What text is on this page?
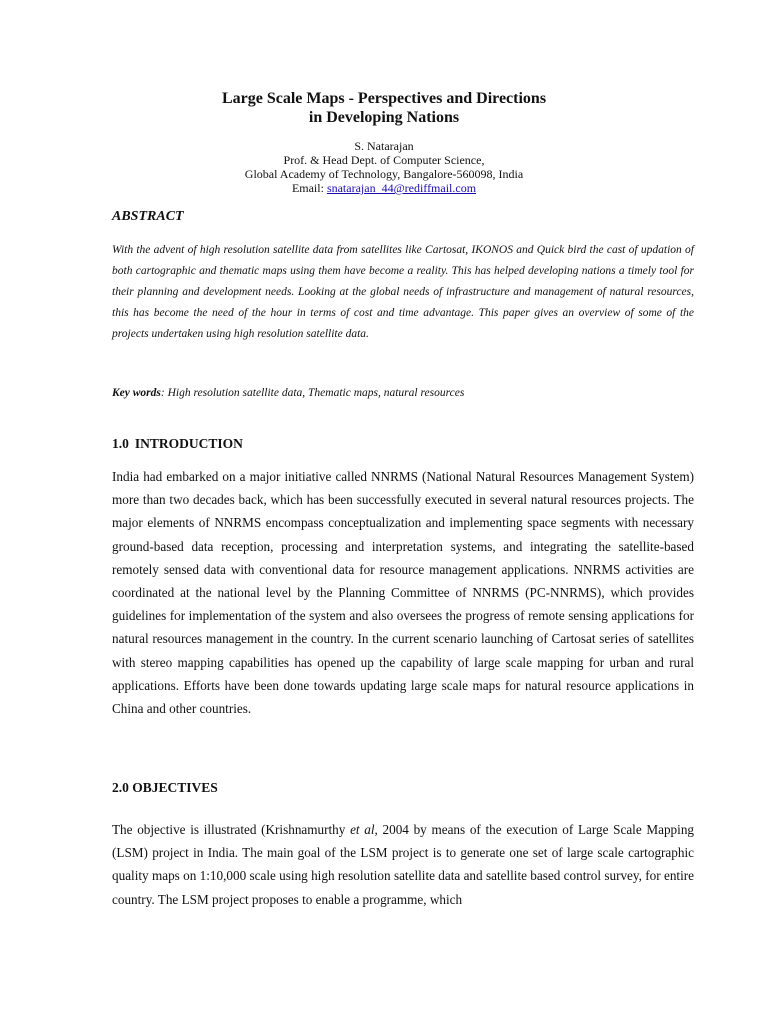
Large Scale Maps - Perspectives and Directions
in Developing Nations
S. Natarajan
Prof. & Head Dept. of Computer Science,
Global Academy of Technology, Bangalore-560098, India
Email: snatarajan_44@rediffmail.com
ABSTRACT

With the advent of high resolution satellite data from satellites like Cartosat, IKONOS and Quick bird the cast of updation of both cartographic and thematic maps using them have become a reality. This has helped developing nations a timely tool for their planning and development needs. Looking at the global needs of infrastructure and management of natural resources, this has become the need of the hour in terms of cost and time advantage. This paper gives an overview of some of the projects undertaken using high resolution satellite data.

Key words: High resolution satellite data, Thematic maps, natural resources

1.0 INTRODUCTION

India had embarked on a major initiative called NNRMS (National Natural Resources Management System) more than two decades back, which has been successfully executed in several natural resources projects. The major elements of NNRMS encompass conceptualization and implementing space segments with necessary ground-based data reception, processing and interpretation systems, and integrating the satellite-based remotely sensed data with conventional data for resource management applications. NNRMS activities are coordinated at the national level by the Planning Committee of NNRMS (PC-NNRMS), which provides guidelines for implementation of the system and also oversees the progress of remote sensing applications for natural resources management in the country. In the current scenario launching of Cartosat series of satellites with stereo mapping capabilities has opened up the capability of large scale mapping for urban and rural applications. Efforts have been done towards updating large scale maps for natural resource applications in China and other countries.

2.0 OBJECTIVES

The objective is illustrated (Krishnamurthy et al, 2004 by means of the execution of Large Scale Mapping (LSM) project in India. The main goal of the LSM project is to generate one set of large scale cartographic quality maps on 1:10,000 scale using high resolution satellite data and satellite based control survey, for entire country. The LSM project proposes to enable a programme, which
